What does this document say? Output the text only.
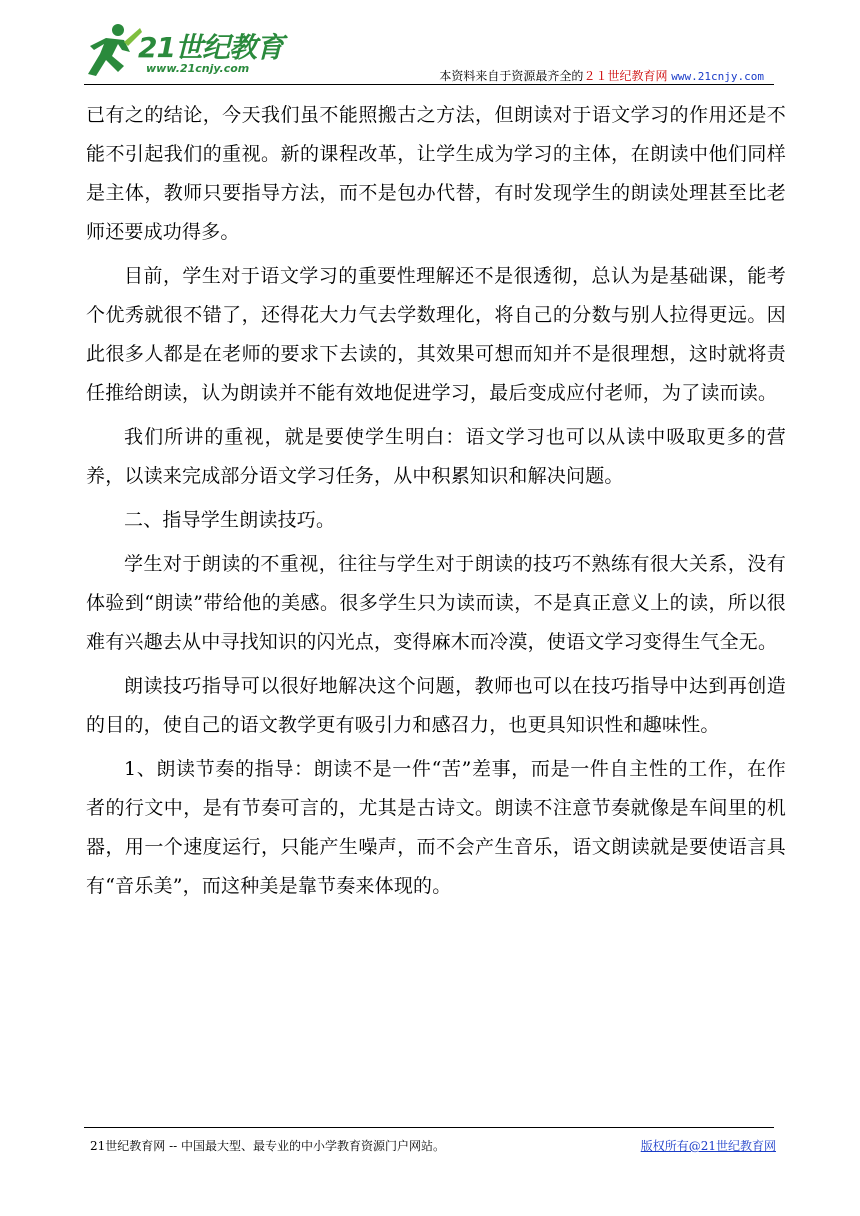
21世纪教育
www.21cnjy.com
本资料来自于资源最齐全的２１世纪教育网 www.21cnjy.com

已有之的结论，今天我们虽不能照搬古之方法，但朗读对于语文学习的作用还是不能不引起我们的重视。新的课程改革，让学生成为学习的主体，在朗读中他们同样是主体，教师只要指导方法，而不是包办代替，有时发现学生的朗读处理甚至比老师还要成功得多。

目前，学生对于语文学习的重要性理解还不是很透彻，总认为是基础课，能考个优秀就很不错了，还得花大力气去学数理化，将自己的分数与别人拉得更远。因此很多人都是在老师的要求下去读的，其效果可想而知并不是很理想，这时就将责任推给朗读，认为朗读并不能有效地促进学习，最后变成应付老师，为了读而读。

我们所讲的重视，就是要使学生明白：语文学习也可以从读中吸取更多的营养，以读来完成部分语文学习任务，从中积累知识和解决问题。

二、指导学生朗读技巧。

学生对于朗读的不重视，往往与学生对于朗读的技巧不熟练有很大关系，没有体验到“朗读”带给他的美感。很多学生只为读而读，不是真正意义上的读，所以很难有兴趣去从中寻找知识的闪光点，变得麻木而冷漠，使语文学习变得生气全无。

朗读技巧指导可以很好地解决这个问题，教师也可以在技巧指导中达到再创造的目的，使自己的语文教学更有吸引力和感召力，也更具知识性和趣味性。

1、朗读节奏的指导：朗读不是一件“苦”差事，而是一件自主性的工作，在作者的行文中，是有节奏可言的，尤其是古诗文。朗读不注意节奏就像是车间里的机器，用一个速度运行，只能产生噪声，而不会产生音乐，语文朗读就是要使语言具有“音乐美”，而这种美是靠节奏来体现的。

21世纪教育网 -- 中国最大型、最专业的中小学教育资源门户网站。	版权所有@21世纪教育网
